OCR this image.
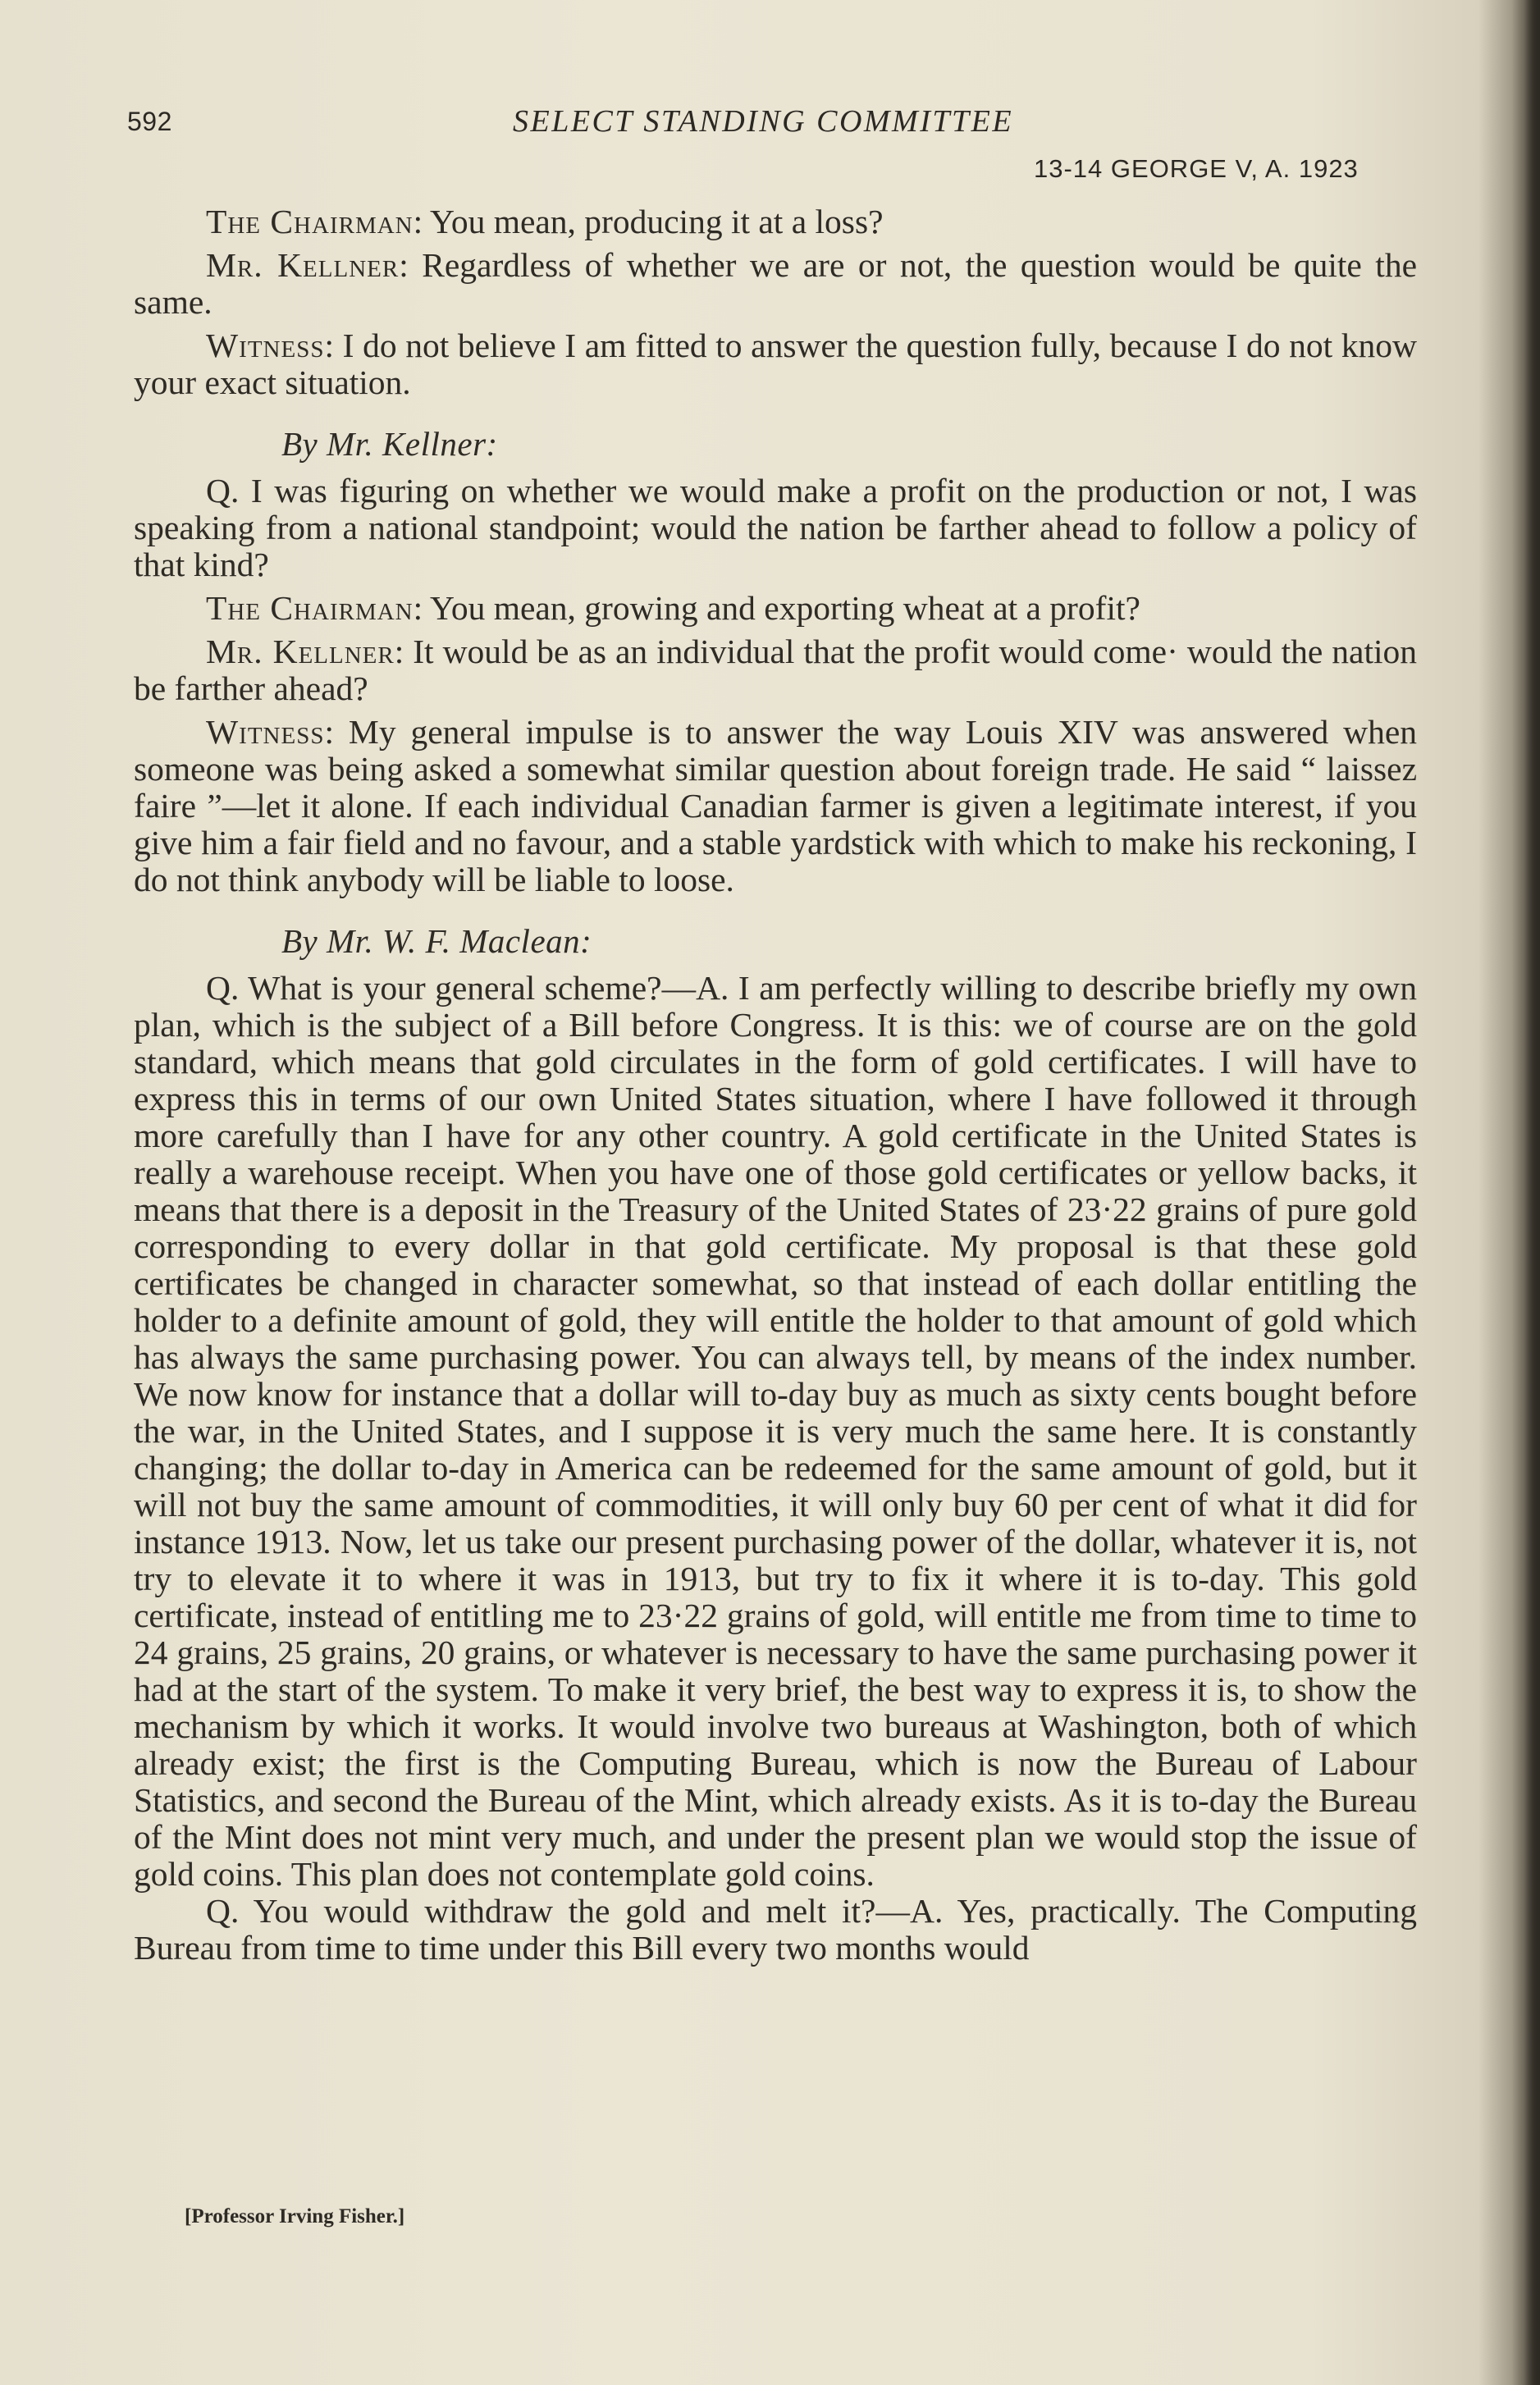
592	SELECT STANDING COMMITTEE
13-14 GEORGE V, A. 1923

The Chairman: You mean, producing it at a loss?

Mr. Kellner: Regardless of whether we are or not, the question would be quite the same.

Witness: I do not believe I am fitted to answer the question fully, because I do not know your exact situation.

By Mr. Kellner:

Q. I was figuring on whether we would make a profit on the production or not, I was speaking from a national standpoint; would the nation be farther ahead to follow a policy of that kind?

The Chairman: You mean, growing and exporting wheat at a profit?

Mr. Kellner: It would be as an individual that the profit would come· would the nation be farther ahead?

Witness: My general impulse is to answer the way Louis XIV was answered when someone was being asked a somewhat similar question about foreign trade. He said “ laissez faire ”—let it alone. If each individual Canadian farmer is given a legitimate interest, if you give him a fair field and no favour, and a stable yardstick with which to make his reckoning, I do not think anybody will be liable to loose.

By Mr. W. F. Maclean:

Q. What is your general scheme?—A. I am perfectly willing to describe briefly my own plan, which is the subject of a Bill before Congress. It is this: we of course are on the gold standard, which means that gold circulates in the form of gold certificates. I will have to express this in terms of our own United States situation, where I have followed it through more carefully than I have for any other country. A gold certificate in the United States is really a warehouse receipt. When you have one of those gold certificates or yellow backs, it means that there is a deposit in the Treasury of the United States of 23·22 grains of pure gold corresponding to every dollar in that gold certificate. My proposal is that these gold certificates be changed in character somewhat, so that instead of each dollar entitling the holder to a definite amount of gold, they will entitle the holder to that amount of gold which has always the same purchasing power. You can always tell, by means of the index number. We now know for instance that a dollar will to-day buy as much as sixty cents bought before the war, in the United States, and I suppose it is very much the same here. It is constantly changing; the dollar to-day in America can be redeemed for the same amount of gold, but it will not buy the same amount of commodities, it will only buy 60 per cent of what it did for instance 1913. Now, let us take our present purchasing power of the dollar, whatever it is, not try to elevate it to where it was in 1913, but try to fix it where it is to-day. This gold certificate, instead of entitling me to 23·22 grains of gold, will entitle me from time to time to 24 grains, 25 grains, 20 grains, or whatever is necessary to have the same purchasing power it had at the start of the system. To make it very brief, the best way to express it is, to show the mechanism by which it works. It would involve two bureaus at Washington, both of which already exist; the first is the Computing Bureau, which is now the Bureau of Labour Statistics, and second the Bureau of the Mint, which already exists. As it is to-day the Bureau of the Mint does not mint very much, and under the present plan we would stop the issue of gold coins. This plan does not contemplate gold coins.

Q. You would withdraw the gold and melt it?—A. Yes, practically. The Computing Bureau from time to time under this Bill every two months would

[Professor Irving Fisher.]
